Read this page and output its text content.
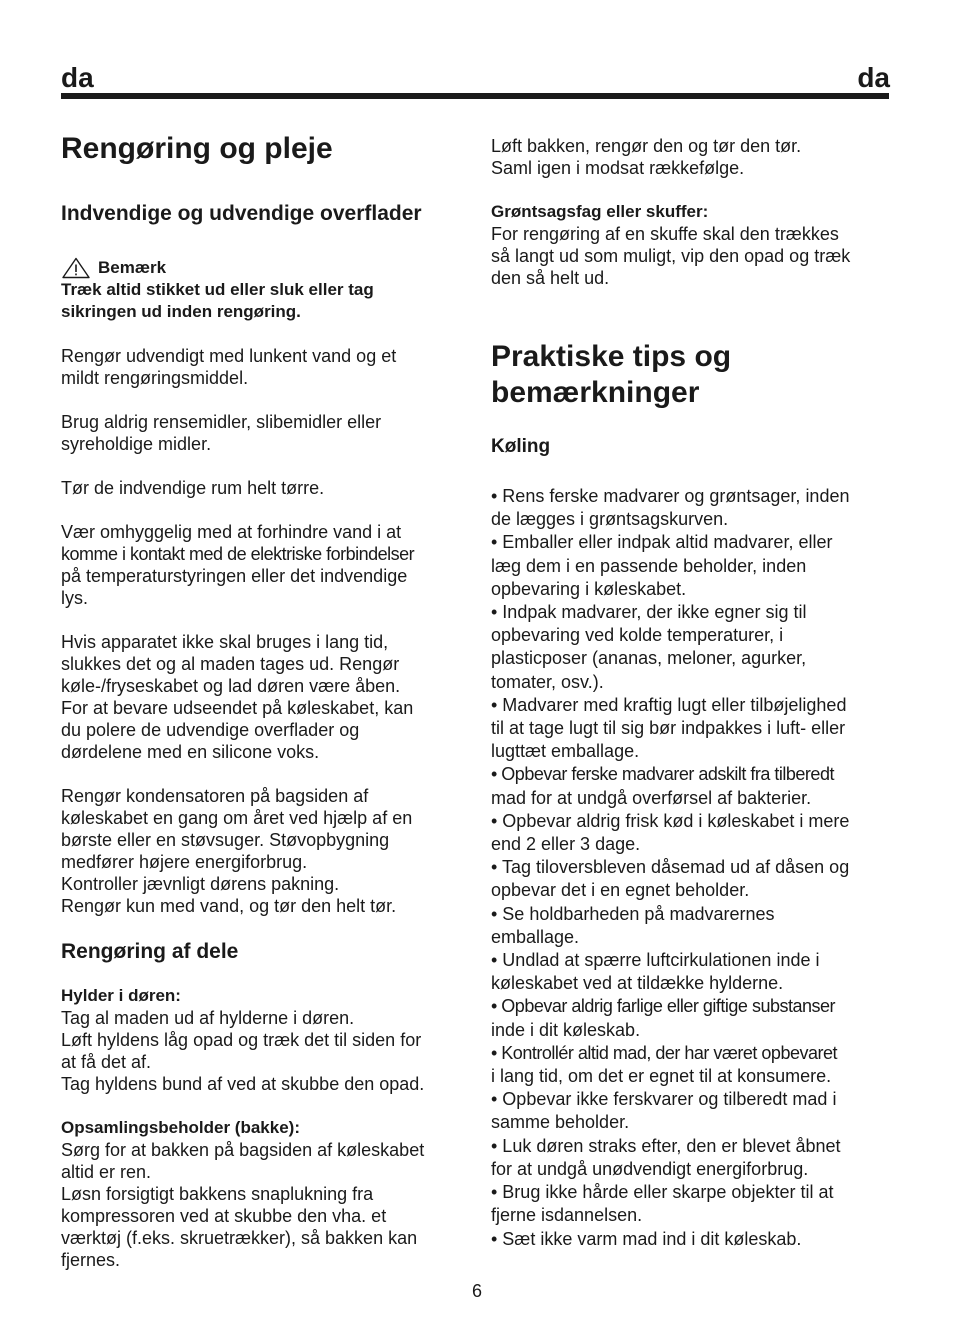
da	da
Rengøring og pleje
Indvendige og udvendige overflader
Bemærk
Træk altid stikket ud eller sluk eller tag
sikringen ud inden rengøring.
Rengør udvendigt med lunkent vand og et
mildt rengøringsmiddel.
Brug aldrig rensemidler, slibemidler eller
syreholdige midler.
Tør de indvendige rum helt tørre.
Vær omhyggelig med at forhindre vand i at
komme i kontakt med de elektriske forbindelser
på temperaturstyringen eller det indvendige
lys.
Hvis apparatet ikke skal bruges i lang tid,
slukkes det og al maden tages ud. Rengør
køle-/fryseskabet og lad døren være åben.
For at bevare udseendet på køleskabet, kan
du polere de udvendige overflader og
dørdelene med en silicone voks.
Rengør kondensatoren på bagsiden af
køleskabet en gang om året ved hjælp af en
børste eller en støvsuger. Støvopbygning
medfører højere energiforbrug.
Kontroller jævnligt dørens pakning.
Rengør kun med vand, og tør den helt tør.
Rengøring af dele
Hylder i døren:
Tag al maden ud af hylderne i døren.
Løft hyldens låg opad og træk det til siden for
at få det af.
Tag hyldens bund af ved at skubbe den opad.
Opsamlingsbeholder (bakke):
Sørg for at bakken på bagsiden af køleskabet
altid er ren.
Løsn forsigtigt bakkens snaplukning fra
kompressoren ved at skubbe den vha. et
værktøj (f.eks. skruetrækker), så bakken kan
fjernes.
Løft bakken, rengør den og tør den tør.
Saml igen i modsat rækkefølge.
Grøntsagsfag eller skuffer:
For rengøring af en skuffe skal den trækkes
så langt ud som muligt, vip den opad og træk
den så helt ud.
Praktiske tips og
bemærkninger
Køling
• Rens ferske madvarer og grøntsager, inden
de lægges i grøntsagskurven.
• Emballer eller indpak altid madvarer, eller
læg dem i en passende beholder, inden
opbevaring i køleskabet.
• Indpak madvarer, der ikke egner sig til
opbevaring ved kolde temperaturer, i
plasticposer (ananas, meloner, agurker,
tomater, osv.).
• Madvarer med kraftig lugt eller tilbøjelighed
til at tage lugt til sig bør indpakkes i luft- eller
lugttæt emballage.
• Opbevar ferske madvarer adskilt fra tilberedt
mad for at undgå overførsel af bakterier.
• Opbevar aldrig frisk kød i køleskabet i mere
end 2 eller 3 dage.
• Tag tiloversbleven dåsemad ud af dåsen og
opbevar det i en egnet beholder.
• Se holdbarheden på madvarernes
emballage.
• Undlad at spærre luftcirkulationen inde i
køleskabet ved at tildække hylderne.
• Opbevar aldrig farlige eller giftige substanser
inde i dit køleskab.
• Kontrollér altid mad, der har været opbevaret
i lang tid, om det er egnet til at konsumere.
• Opbevar ikke ferskvarer og tilberedt mad i
samme beholder.
• Luk døren straks efter, den er blevet åbnet
for at undgå unødvendigt energiforbrug.
• Brug ikke hårde eller skarpe objekter til at
fjerne isdannelsen.
• Sæt ikke varm mad ind i dit køleskab.
6
